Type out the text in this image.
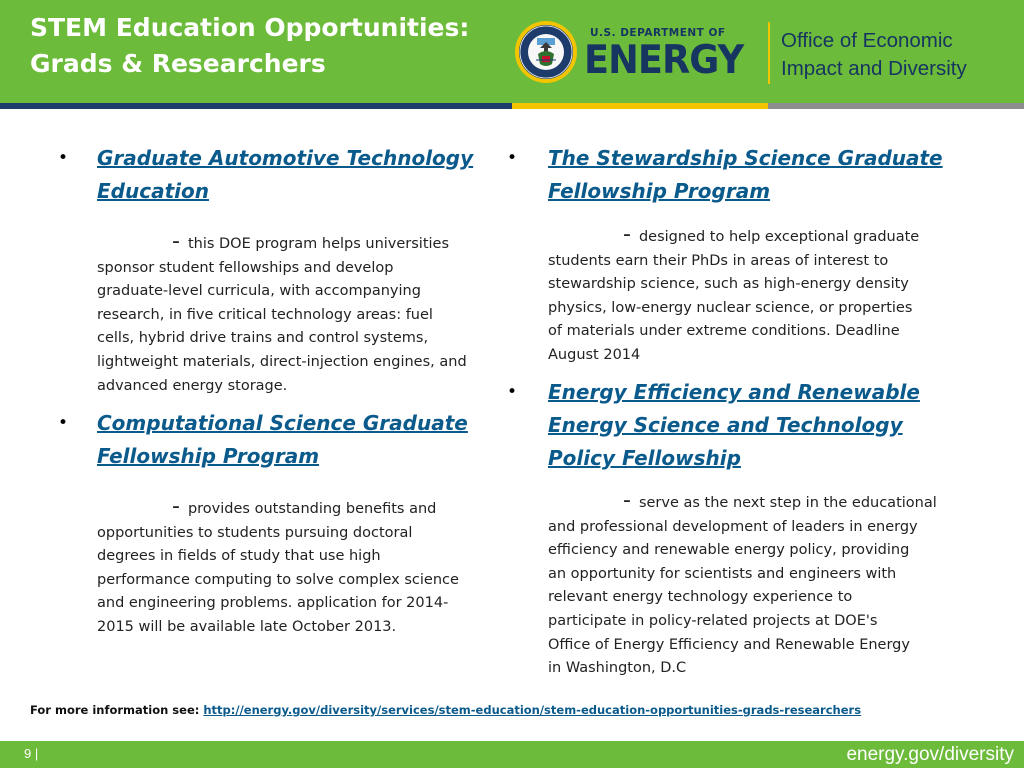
STEM Education Opportunities:
Grads & Researchers
U.S. DEPARTMENT OF
ENERGY Office of Economic
Impact and Diversity
• Graduate Automotive Technology
Education
- this DOE program helps universities
sponsor student fellowships and develop
graduate-level curricula, with accompanying
research, in five critical technology areas: fuel
cells, hybrid drive trains and control systems,
lightweight materials, direct-injection engines, and
advanced energy storage.
• Computational Science Graduate
Fellowship Program
- provides outstanding benefits and
opportunities to students pursuing doctoral
degrees in fields of study that use high
performance computing to solve complex science
and engineering problems. application for 2014-
2015 will be available late October 2013.
• The Stewardship Science Graduate
Fellowship Program
- designed to help exceptional graduate
students earn their PhDs in areas of interest to
stewardship science, such as high-energy density
physics, low-energy nuclear science, or properties
of materials under extreme conditions. Deadline
August 2014
• Energy Efficiency and Renewable
Energy Science and Technology
Policy Fellowship
- serve as the next step in the educational
and professional development of leaders in energy
efficiency and renewable energy policy, providing
an opportunity for scientists and engineers with
relevant energy technology experience to
participate in policy-related projects at DOE's
Office of Energy Efficiency and Renewable Energy
in Washington, D.C
For more information see: http://energy.gov/diversity/services/stem-education/stem-education-opportunities-grads-researchers
9 |	energy.gov/diversity
